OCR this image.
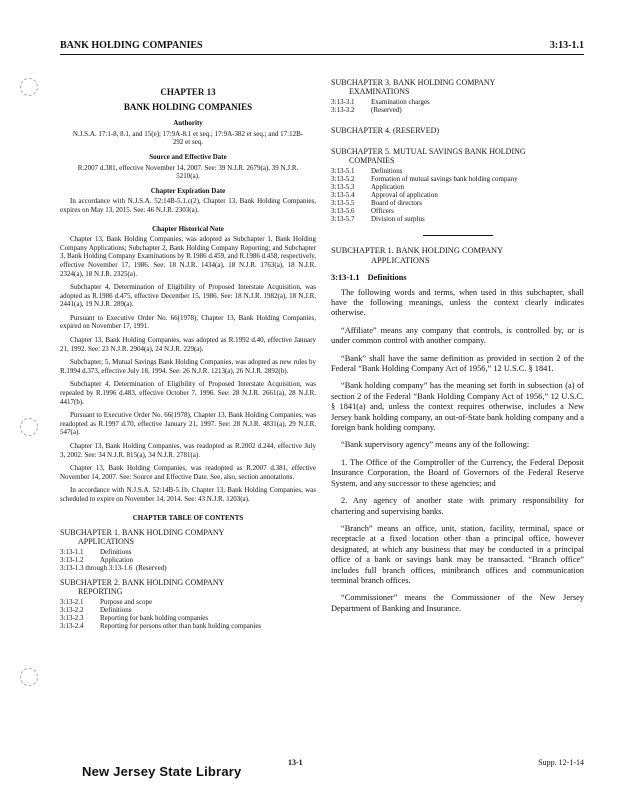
BANK HOLDING COMPANIES	3:13-1.1
CHAPTER 13
BANK HOLDING COMPANIES
Authority
N.J.S.A. 17:1-8, 8.1, and 15(e); 17:9A-8.1 et seq.; 17:9A-382 et seq.; and 17:12B-292 et seq.
Source and Effective Date
R.2007 d.381, effective November 14, 2007. See: 39 N.J.R. 2679(a), 39 N.J.R. 5210(a).
Chapter Expiration Date

In accordance with N.J.S.A. 52:14B-5.1.c(2), Chapter 13, Bank Holding Companies, expires on May 13, 2015. See: 46 N.J.R. 2303(a).

Chapter Historical Note

Chapter 13, Bank Holding Companies, was adopted as Subchapter 1, Bank Holding Company Applications; Subchapter 2, Bank Holding Company Reporting; and Subchapter 3, Bank Holding Company Examinations by R.1986 d.459, and R.1986 d.458, respectively, effective November 17, 1986. See: 18 N.J.R. 1434(a), 18 N.J.R. 1763(a), 18 N.J.R. 2324(a), 18 N.J.R. 2325(a).

Subchapter 4, Determination of Eligibility of Proposed Interstate Acquisition, was adopted as R.1986 d.475, effective December 15, 1986. See: 18 N.J.R. 1982(a), 18 N.J.R. 2441(a), 19 N.J.R. 289(a).

Pursuant to Executive Order No. 66(1978), Chapter 13, Bank Holding Companies, expired on November 17, 1991.

Chapter 13, Bank Holding Companies, was adopted as R.1992 d.40, effective January 21, 1992. See: 23 N.J.R. 2904(a), 24 N.J.R. 229(a).

Subchapter, 5, Mutual Savings Bank Holding Companies, was adopted as new rules by R.1994 d.373, effective July 18, 1994. See: 26 N.J.R. 1213(a), 26 N.J.R. 2892(b).

Subchapter 4, Determination of Eligibility of Proposed Interstate Acquisition, was repealed by R.1996 d.483, effective October 7, 1996. See: 28 N.J.R. 2661(a), 28 N.J.R. 4417(b).

Pursuant to Executive Order No. 66(1978), Chapter 13, Bank Holding Companies, was readopted as R.1997 d.70, effective January 21, 1997. See: 28 N.J.R. 4831(a), 29 N.J.R. 547(a).

Chapter 13, Bank Holding Companies, was readopted as R.2002 d.244, effective July 3, 2002. See: 34 N.J.R. 815(a), 34 N.J.R. 2781(a).

Chapter 13, Bank Holding Companies, was readopted as R.2007 d.381, effective November 14, 2007. See: Source and Effective Date. See, also, section annotations.

In accordance with N.J.S.A. 52:14B-5.1b, Chapter 13, Bank Holding Companies, was scheduled to expire on November 14, 2014. See: 43 N.J.R. 1203(a).

CHAPTER TABLE OF CONTENTS
SUBCHAPTER 1. BANK HOLDING COMPANY
APPLICATIONS
3:13-1.1	Definitions
3:13-1.2	Application
3:13-1.3 through 3:13-1.6 (Reserved)	
SUBCHAPTER 2. BANK HOLDING COMPANY
REPORTING
3:13-2.1	Purpose and scope
3:13-2.2	Definitions
3:13-2.3	Reporting for bank holding companies
3:13-2.4	Reporting for persons other than bank holding companies
SUBCHAPTER 3. BANK HOLDING COMPANY
EXAMINATIONS
3:13-3.1	Examination charges
3:13-3.2	(Reserved)
SUBCHAPTER 4. (RESERVED)
SUBCHAPTER 5. MUTUAL SAVINGS BANK HOLDING
COMPANIES
3:13-5.1	Definitions
3:13-5.2	Formation of mutual savings bank holding company
3:13-5.3	Application
3:13-5.4	Approval of application
3:13-5.5	Board of directors
3:13-5.6	Officers
3:13-5.7	Division of surplus
SUBCHAPTER 1. BANK HOLDING COMPANY
APPLICATIONS
3:13-1.1 Definitions

The following words and terms, when used in this subchapter, shall have the following meanings, unless the context clearly indicates otherwise.

“Affiliate” means any company that controls, is controlled by, or is under common control with another company.

“Bank” shall have the same definition as provided in section 2 of the Federal “Bank Holding Company Act of 1956,” 12 U.S.C. § 1841.

“Bank holding company” has the meaning set forth in subsection (a) of section 2 of the Federal “Bank Holding Company Act of 1956,” 12 U.S.C. § 1841(a) and, unless the context requires otherwise, includes a New Jersey bank holding company, an out-of-State bank holding company and a foreign bank holding company.

“Bank supervisory agency” means any of the following:

1. The Office of the Comptroller of the Currency, the Federal Deposit Insurance Corporation, the Board of Governors of the Federal Reserve System, and any successor to these agencies; and

2. Any agency of another state with primary responsibility for chartering and supervising banks.

“Branch” means an office, unit, station, facility, terminal, space or receptacle at a fixed location other than a principal office, however designated, at which any business that may be conducted in a principal office of a bank or savings bank may be transacted. “Branch office” includes full branch offices, minibranch offices and communication terminal branch offices.

“Commissioner” means the Commissioner of the New Jersey Department of Banking and Insurance.

New Jersey State Library
13-1	Supp. 12-1-14
